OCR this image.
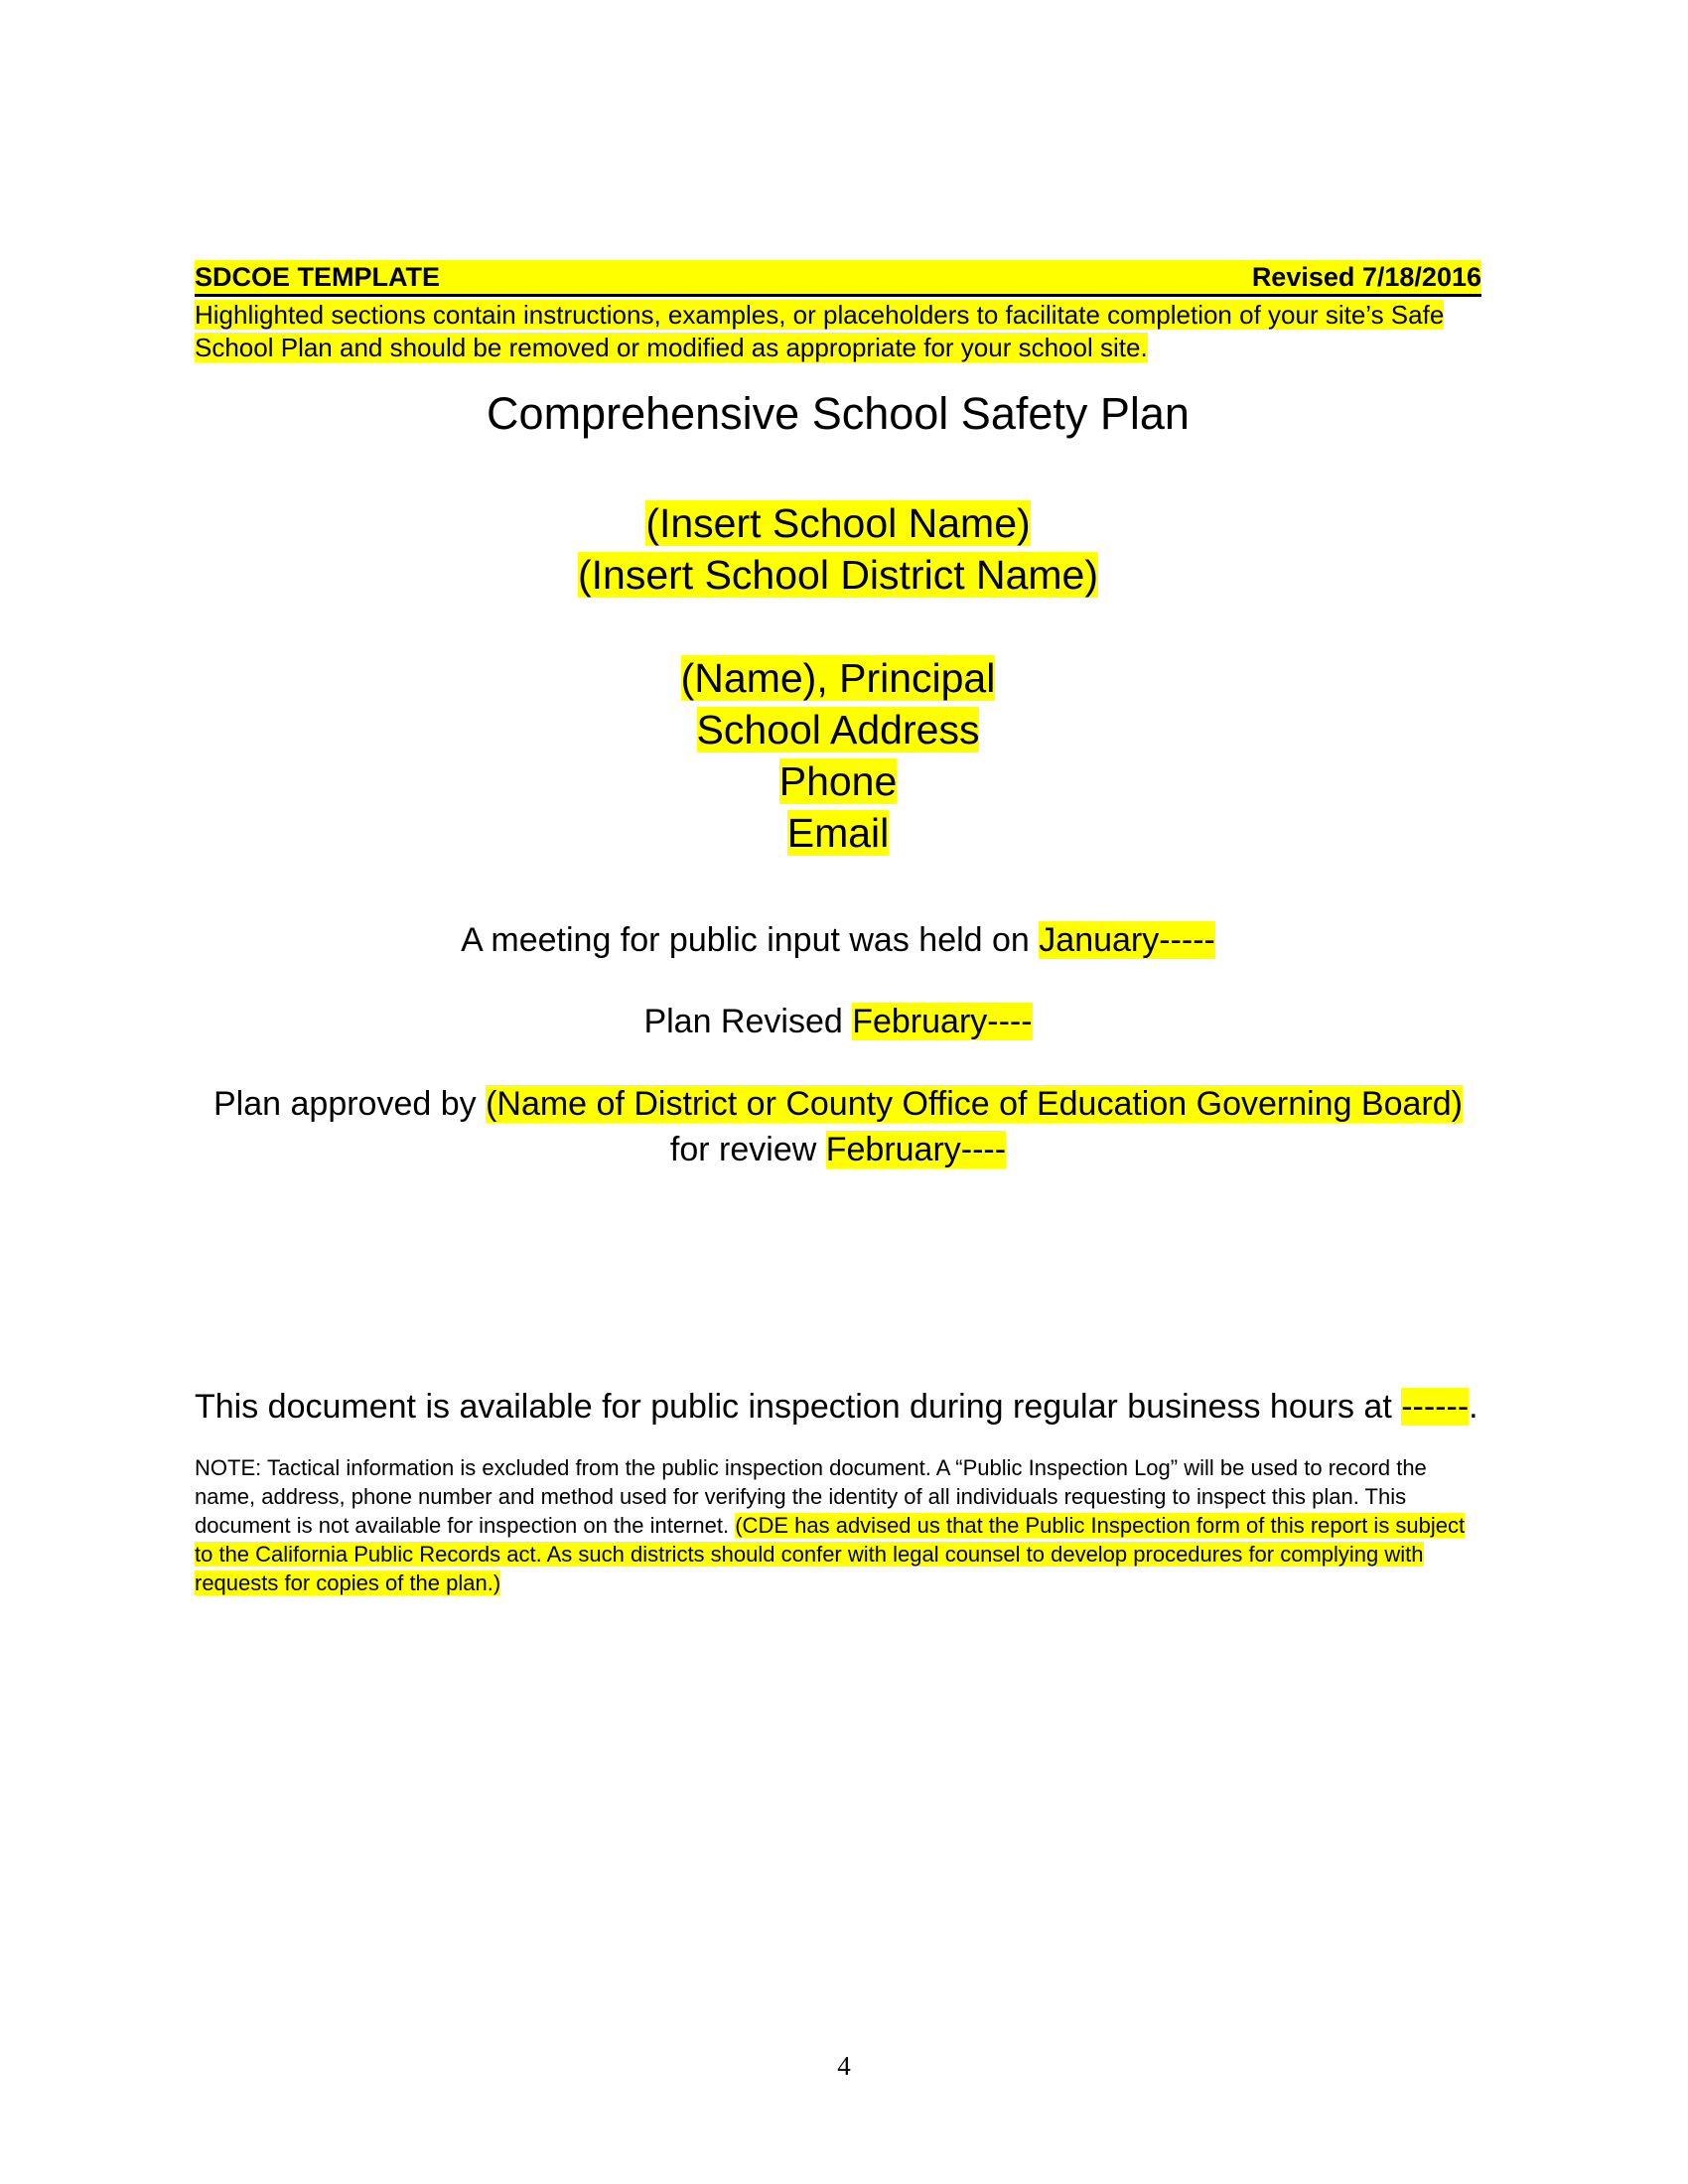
SDCOE TEMPLATE	Revised 7/18/2016
Highlighted sections contain instructions, examples, or placeholders to facilitate completion of your site’s Safe School Plan and should be removed or modified as appropriate for your school site.
Comprehensive School Safety Plan
(Insert School Name)
(Insert School District Name)
(Name), Principal
School Address
Phone
Email
A meeting for public input was held on January-----
Plan Revised February----
Plan approved by (Name of District or County Office of Education Governing Board) for review February----
This document is available for public inspection during regular business hours at ------.
NOTE: Tactical information is excluded from the public inspection document. A “Public Inspection Log” will be used to record the name, address, phone number and method used for verifying the identity of all individuals requesting to inspect this plan. This document is not available for inspection on the internet. (CDE has advised us that the Public Inspection form of this report is subject to the California Public Records act. As such districts should confer with legal counsel to develop procedures for complying with requests for copies of the plan.)
4
